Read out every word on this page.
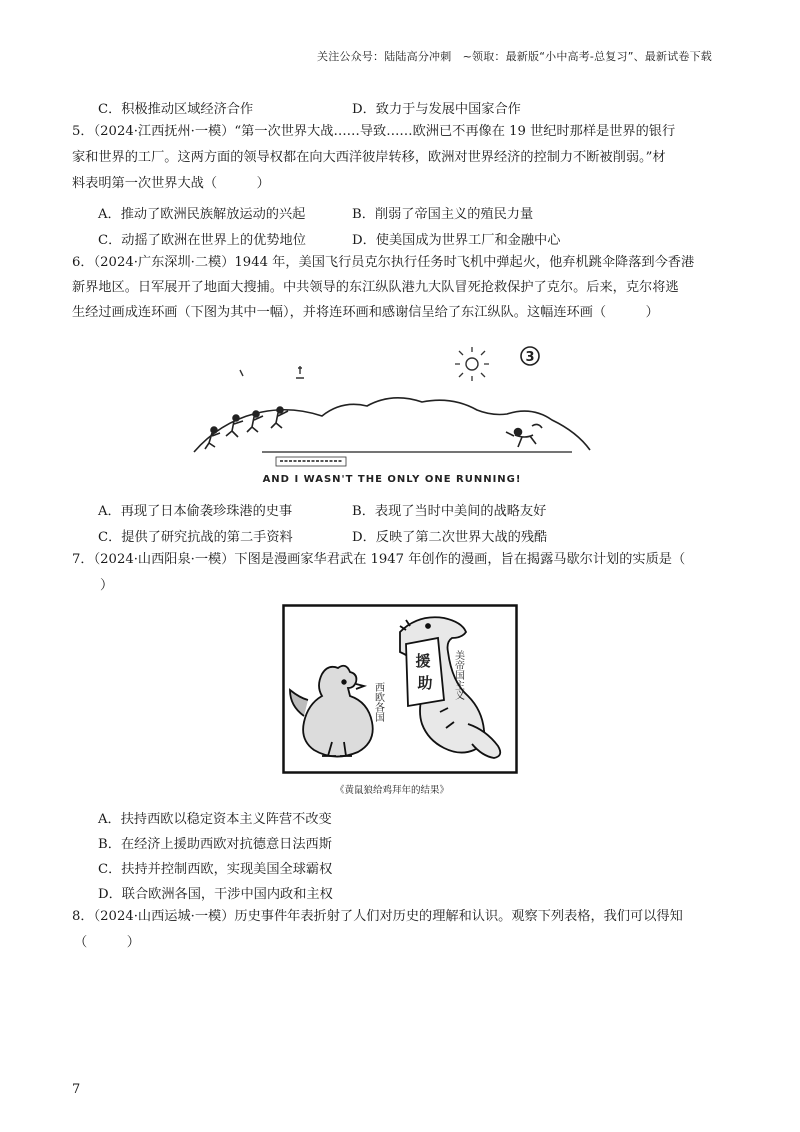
关注公众号：陆陆高分冲刺　~领取：最新版“小中高考-总复习”、最新试卷下载
C．积极推动区域经济合作	D．致力于与发展中国家合作
5．（2024·江西抚州·一模）“第一次世界大战……导致……欧洲已不再像在 19 世纪时那样是世界的银行
家和世界的工厂。这两方面的领导权都在向大西洋彼岸转移，欧洲对世界经济的控制力不断被削弱。”材
料表明第一次世界大战（　　　）
A．推动了欧洲民族解放运动的兴起	B．削弱了帝国主义的殖民力量
C．动摇了欧洲在世界上的优势地位	D．使美国成为世界工厂和金融中心
6．（2024·广东深圳·二模）1944 年，美国飞行员克尔执行任务时飞机中弹起火，他弃机跳伞降落到今香港
新界地区。日军展开了地面大搜捕。中共领导的东江纵队港九大队冒死抢救保护了克尔。后来，克尔将逃
生经过画成连环画（下图为其中一幅），并将连环画和感谢信呈给了东江纵队。这幅连环画（　　　）
3
AND I WASN'T THE ONLY ONE RUNNING!
A．再现了日本偷袭珍珠港的史事	B．表现了当时中美间的战略友好
C．提供了研究抗战的第二手资料	D．反映了第二次世界大战的残酷
7．（2024·山西阳泉·一模）下图是漫画家华君武在 1947 年创作的漫画，旨在揭露马歇尔计划的实质是（
）
援
助 美帝国主义
西欧各国
《黄鼠狼给鸡拜年的结果》
A．扶持西欧以稳定资本主义阵营不改变
B．在经济上援助西欧对抗德意日法西斯
C．扶持并控制西欧，实现美国全球霸权
D．联合欧洲各国，干涉中国内政和主权
8．（2024·山西运城·一模）历史事件年表折射了人们对历史的理解和认识。观察下列表格，我们可以得知
（　　　）
7
